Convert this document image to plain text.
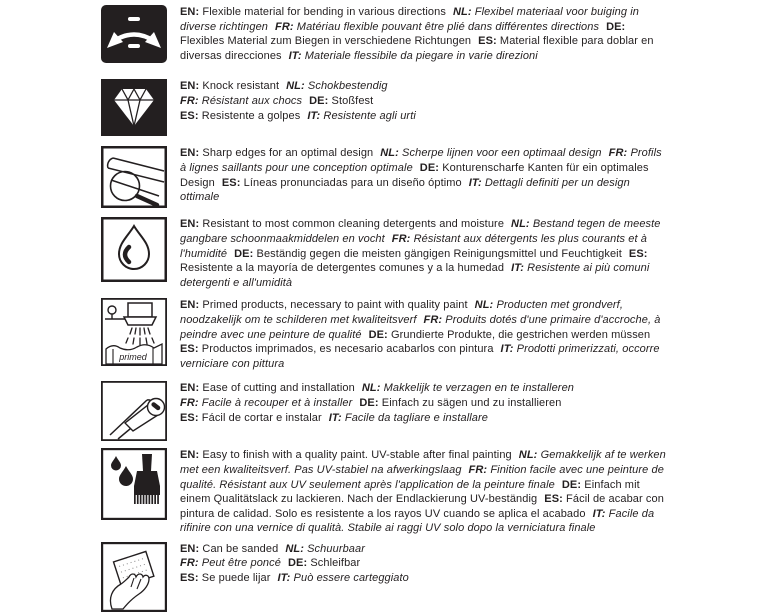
EN: Flexible material for bending in various directions NL: Flexibel materiaal voor buiging in diverse richtingen FR: Matériau flexible pouvant être plié dans différentes directions DE: Flexibles Material zum Biegen in verschiedene Richtungen ES: Material flexible para doblar en diversas direcciones IT: Materiale flessibile da piegare in varie direzioni
EN: Knock resistant NL: Schokbestendig
FR: Résistant aux chocs DE: Stoßfest
ES: Resistente a golpes IT: Resistente agli urti
EN: Sharp edges for an optimal design NL: Scherpe lijnen voor een optimaal design FR: Profils à lignes saillants pour une conception optimale DE: Konturenscharfe Kanten für ein optimales Design ES: Líneas pronunciadas para un diseño óptimo IT: Dettagli definiti per un design ottimale
EN: Resistant to most common cleaning detergents and moisture NL: Bestand tegen de meeste gangbare schoonmaakmiddelen en vocht FR: Résistant aux détergents les plus courants et à l'humidité DE: Beständig gegen die meisten gängigen Reinigungsmittel und Feuchtigkeit ES: Resistente a la mayoría de detergentes comunes y a la humedad IT: Resistente ai più comuni detergenti e all'umidità
primed
EN: Primed products, necessary to paint with quality paint NL: Producten met grondverf, noodzakelijk om te schilderen met kwaliteitsverf FR: Produits dotés d'une primaire d'accroche, à peindre avec une peinture de qualité DE: Grundierte Produkte, die gestrichen werden müssenES: Productos imprimados, es necesario acabarlos con pintura IT: Prodotti primerizzati, occorre verniciare con pittura
EN: Ease of cutting and installation NL: Makkelijk te verzagen en te installeren
FR: Facile à recouper et à installer DE: Einfach zu sägen und zu installieren
ES: Fácil de cortar e instalar IT: Facile da tagliare e installare
EN: Easy to finish with a quality paint. UV-stable after final painting NL: Gemakkelijk af te werken met een kwaliteitsverf. Pas UV-stabiel na afwerkingslaag FR: Finition facile avec une peinture de qualité. Résistant aux UV seulement après l'application de la peinture finale DE: Einfach mit einem Qualitätslack zu lackieren. Nach der Endlackierung UV-beständig ES: Fácil de acabar con pintura de calidad. Solo es resistente a los rayos UV cuando se aplica el acabado IT: Facile da rifinire con una vernice di qualità. Stabile ai raggi UV solo dopo la verniciatura finale
EN: Can be sanded NL: Schuurbaar
FR: Peut être poncé DE: Schleifbar
ES: Se puede lijar IT: Può essere carteggiato
